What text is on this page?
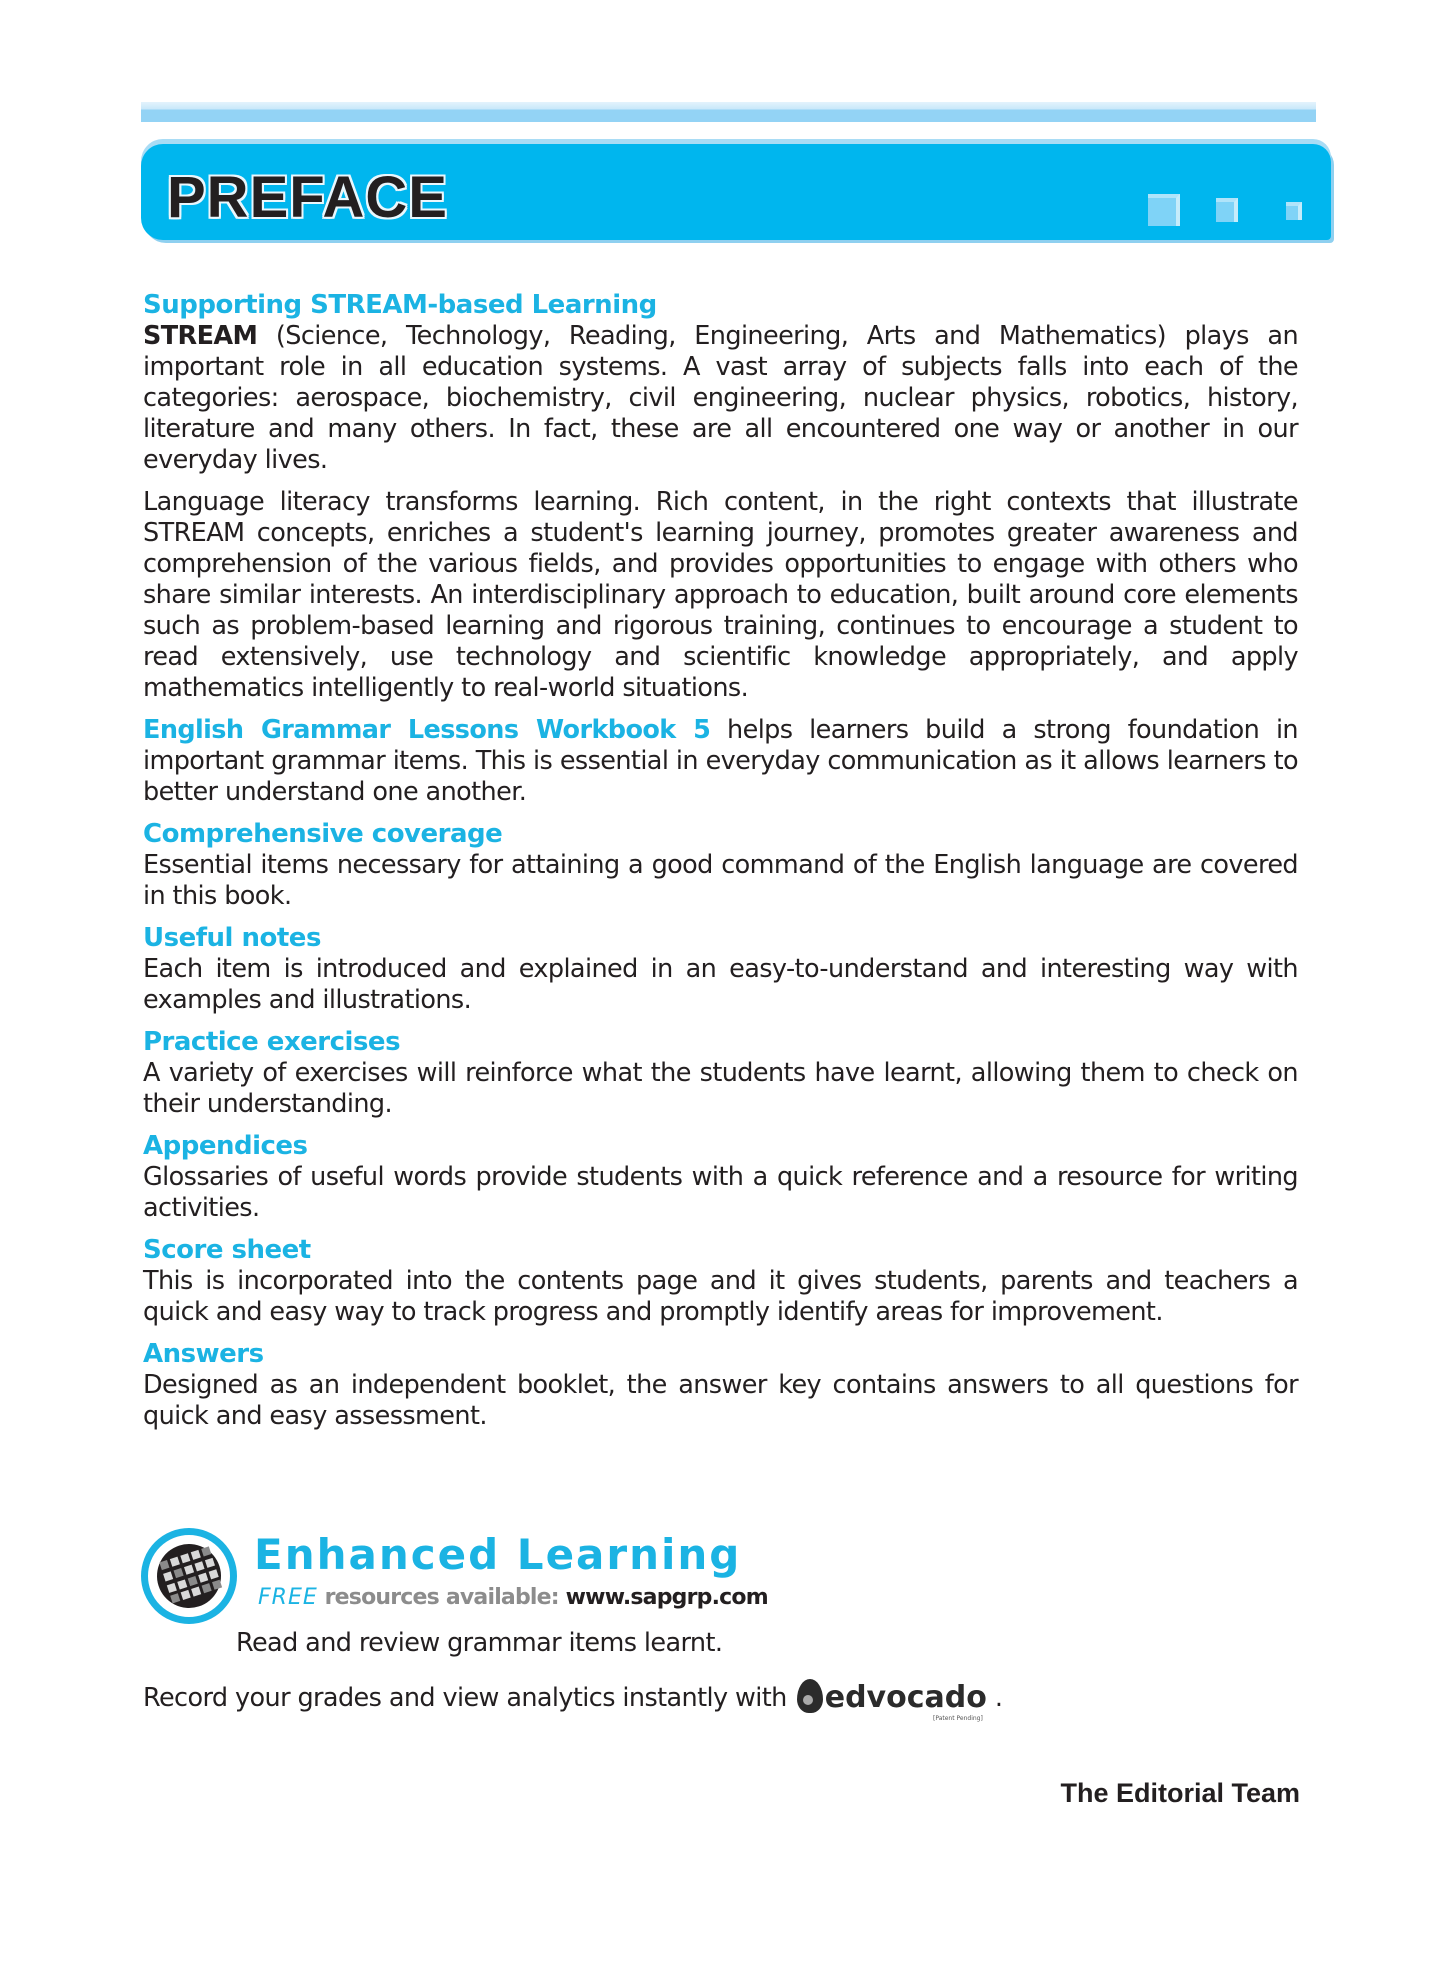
PREFACE

Supporting STREAM-based Learning

STREAM (Science, Technology, Reading, Engineering, Arts and Mathematics) plays an important role in all education systems. A vast array of subjects falls into each of the categories: aerospace, biochemistry, civil engineering, nuclear physics, robotics, history, literature and many others. In fact, these are all encountered one way or another in our everyday lives.

Language literacy transforms learning. Rich content, in the right contexts that illustrate STREAM concepts, enriches a student's learning journey, promotes greater awareness and comprehension of the various fields, and provides opportunities to engage with others who share similar interests. An interdisciplinary approach to education, built around core elements such as problem-based learning and rigorous training, continues to encourage a student to read extensively, use technology and scientific knowledge appropriately, and apply mathematics intelligently to real-world situations.

English Grammar Lessons Workbook 5 helps learners build a strong foundation in important grammar items. This is essential in everyday communication as it allows learners to better understand one another.

Comprehensive coverage

Essential items necessary for attaining a good command of the English language are covered in this book.

Useful notes

Each item is introduced and explained in an easy-to-understand and interesting way with examples and illustrations.

Practice exercises

A variety of exercises will reinforce what the students have learnt, allowing them to check on their understanding.

Appendices

Glossaries of useful words provide students with a quick reference and a resource for writing activities.

Score sheet

This is incorporated into the contents page and it gives students, parents and teachers a quick and easy way to track progress and promptly identify areas for improvement.

Answers

Designed as an independent booklet, the answer key contains answers to all questions for quick and easy assessment.

Enhanced Learning
FREE resources available: www.sapgrp.com
Read and review grammar items learnt.
Record your grades and view analytics instantly with edvocado
[Patent Pending]
.
The Editorial Team
